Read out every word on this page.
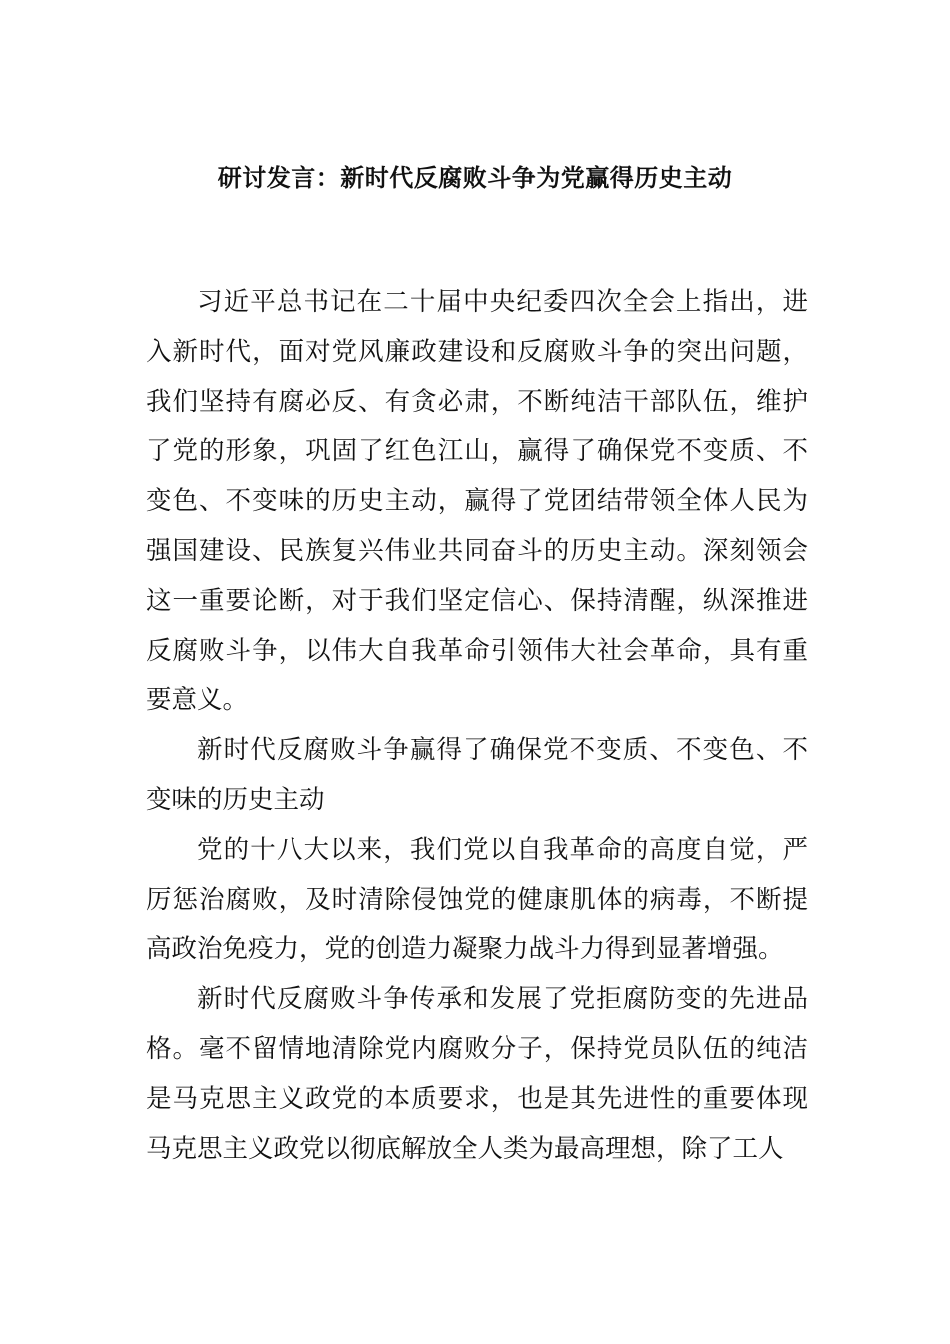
研讨发言：新时代反腐败斗争为党赢得历史主动

习近平总书记在二十届中央纪委四次全会上指出，进入新时代，面对党风廉政建设和反腐败斗争的突出问题，我们坚持有腐必反、有贪必肃，不断纯洁干部队伍，维护了党的形象，巩固了红色江山，赢得了确保党不变质、不变色、不变味的历史主动，赢得了党团结带领全体人民为强国建设、民族复兴伟业共同奋斗的历史主动。深刻领会这一重要论断，对于我们坚定信心、保持清醒，纵深推进反腐败斗争，以伟大自我革命引领伟大社会革命，具有重要意义。

新时代反腐败斗争赢得了确保党不变质、不变色、不变味的历史主动

党的十八大以来，我们党以自我革命的高度自觉，严厉惩治腐败，及时清除侵蚀党的健康肌体的病毒，不断提高政治免疫力，党的创造力凝聚力战斗力得到显著增强。

新时代反腐败斗争传承和发展了党拒腐防变的先进品格。毫不留情地清除党内腐败分子，保持党员队伍的纯洁是马克思主义政党的本质要求，也是其先进性的重要体现马克思主义政党以彻底解放全人类为最高理想，除了工人
